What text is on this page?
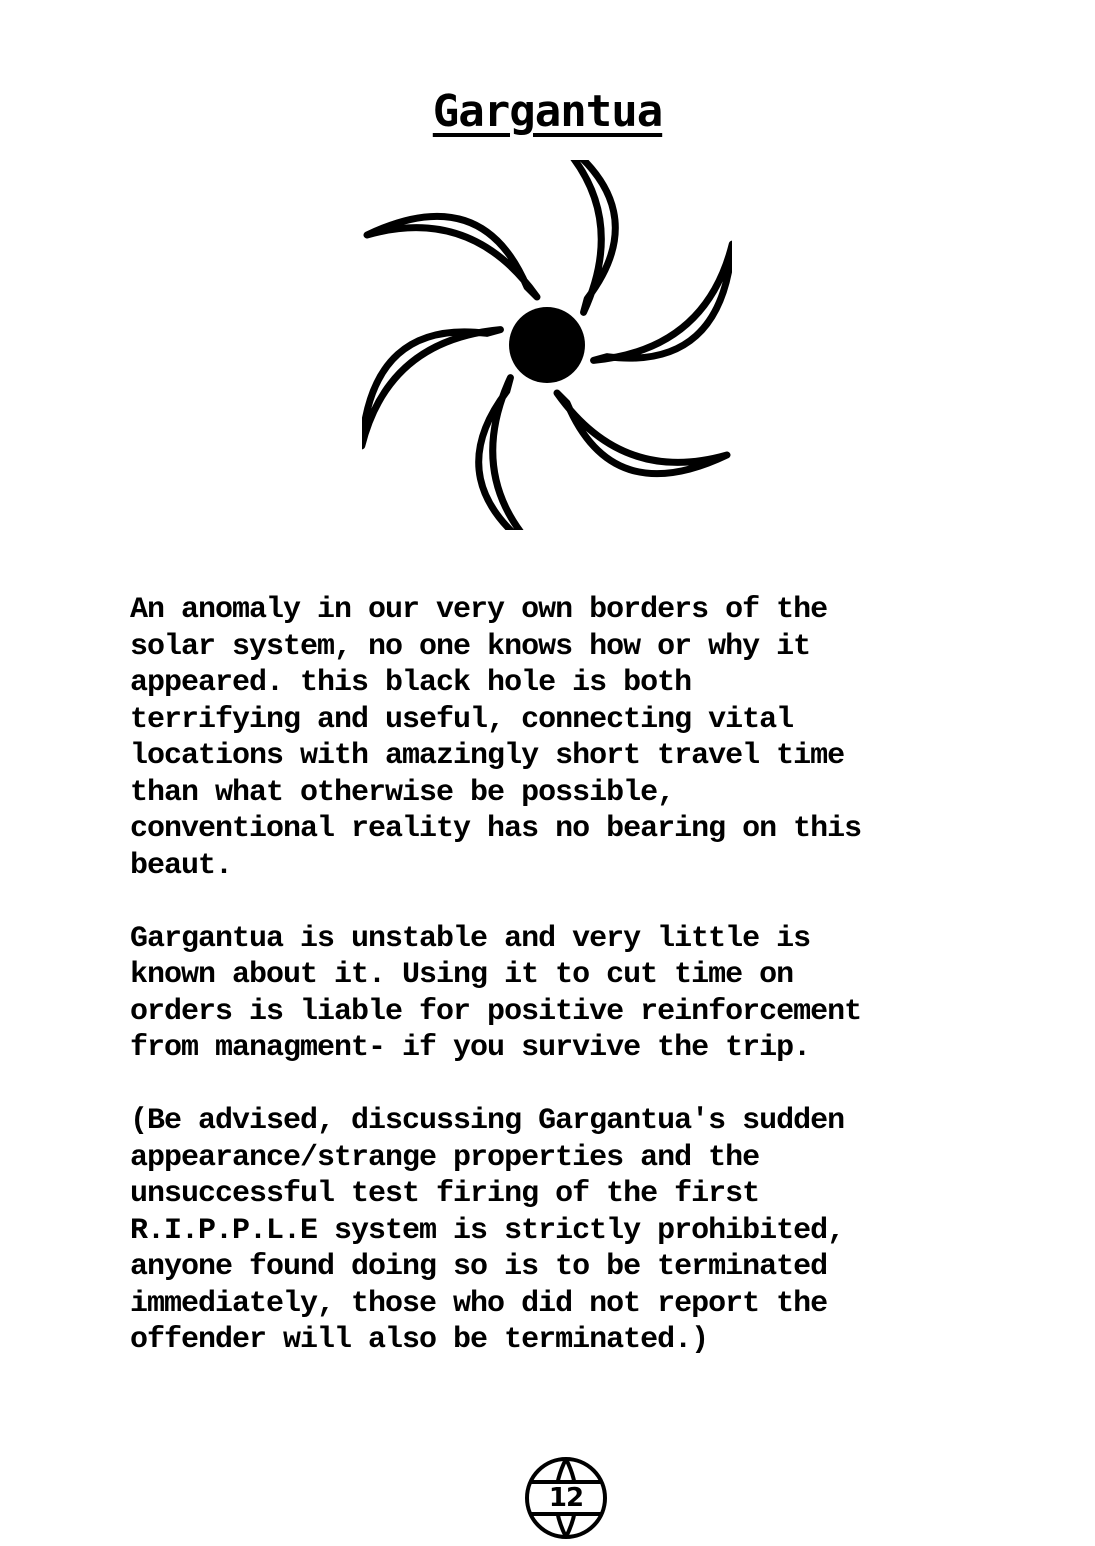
Gargantua

An anomaly in our very own borders of the
solar system, no one knows how or why it
appeared. this black hole is both
terrifying and useful, connecting vital
locations with amazingly short travel time
than what otherwise be possible,
conventional reality has no bearing on this
beaut.

Gargantua is unstable and very little is
known about it. Using it to cut time on
orders is liable for positive reinforcement
from managment- if you survive the trip.

(Be advised, discussing Gargantua's sudden
appearance/strange properties and the
unsuccessful test firing of the first
R.I.P.P.L.E system is strictly prohibited,
anyone found doing so is to be terminated
immediately, those who did not report the
offender will also be terminated.)

12
